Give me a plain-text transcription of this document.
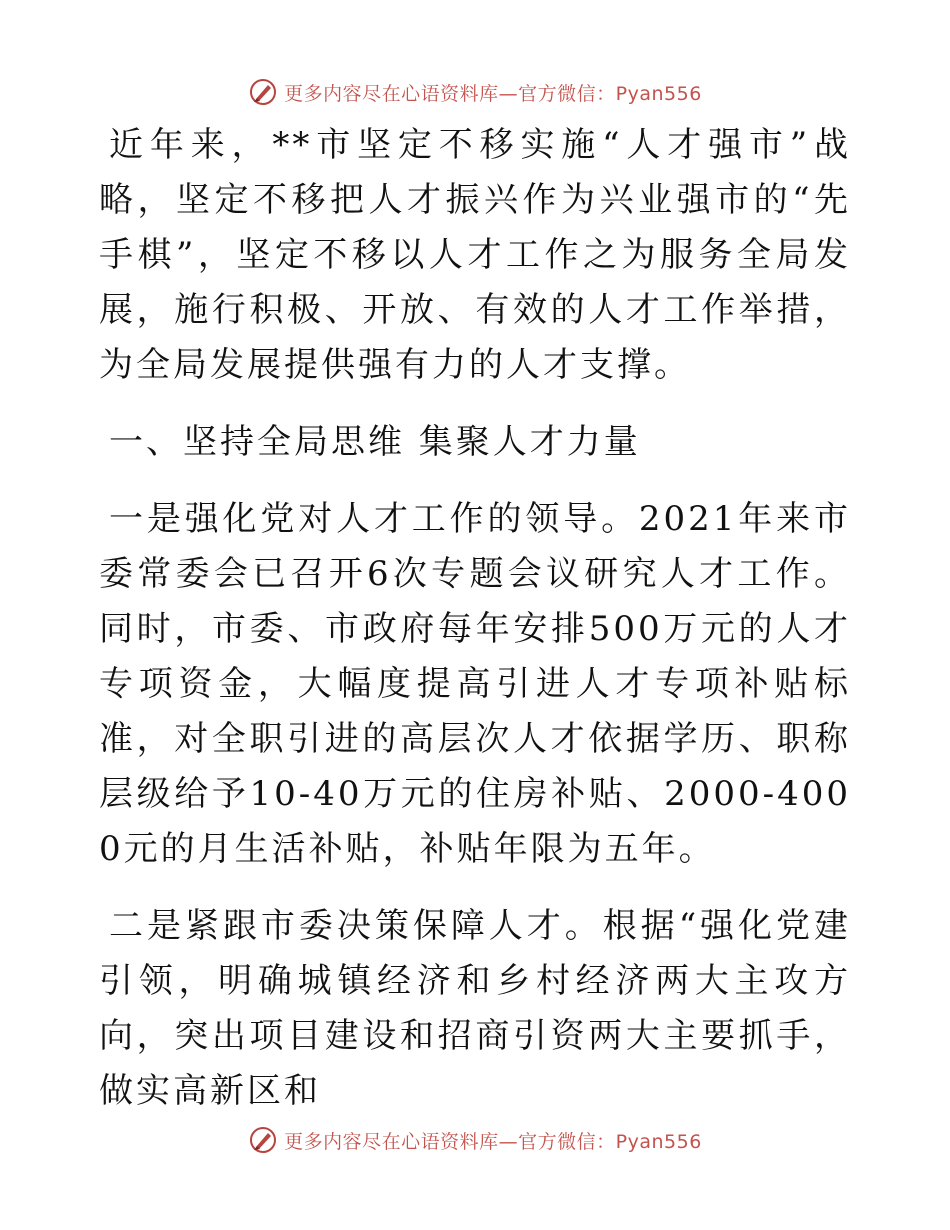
更多内容尽在心语资料库—官方微信：Pyan556

近年来，**市坚定不移实施“人才强市”战略，坚定不移把人才振兴作为兴业强市的“先手棋”，坚定不移以人才工作之为服务全局发展，施行积极、开放、有效的人才工作举措，为全局发展提供强有力的人才支撑。

一、坚持全局思维 集聚人才力量

一是强化党对人才工作的领导。2021年来市委常委会已召开6次专题会议研究人才工作。同时，市委、市政府每年安排500万元的人才专项资金，大幅度提高引进人才专项补贴标准，对全职引进的高层次人才依据学历、职称层级给予10-40万元的住房补贴、2000-4000元的月生活补贴，补贴年限为五年。

二是紧跟市委决策保障人才。根据“强化党建引领，明确城镇经济和乡村经济两大主攻方向，突出项目建设和招商引资两大主要抓手，做实高新区和

更多内容尽在心语资料库—官方微信：Pyan556
